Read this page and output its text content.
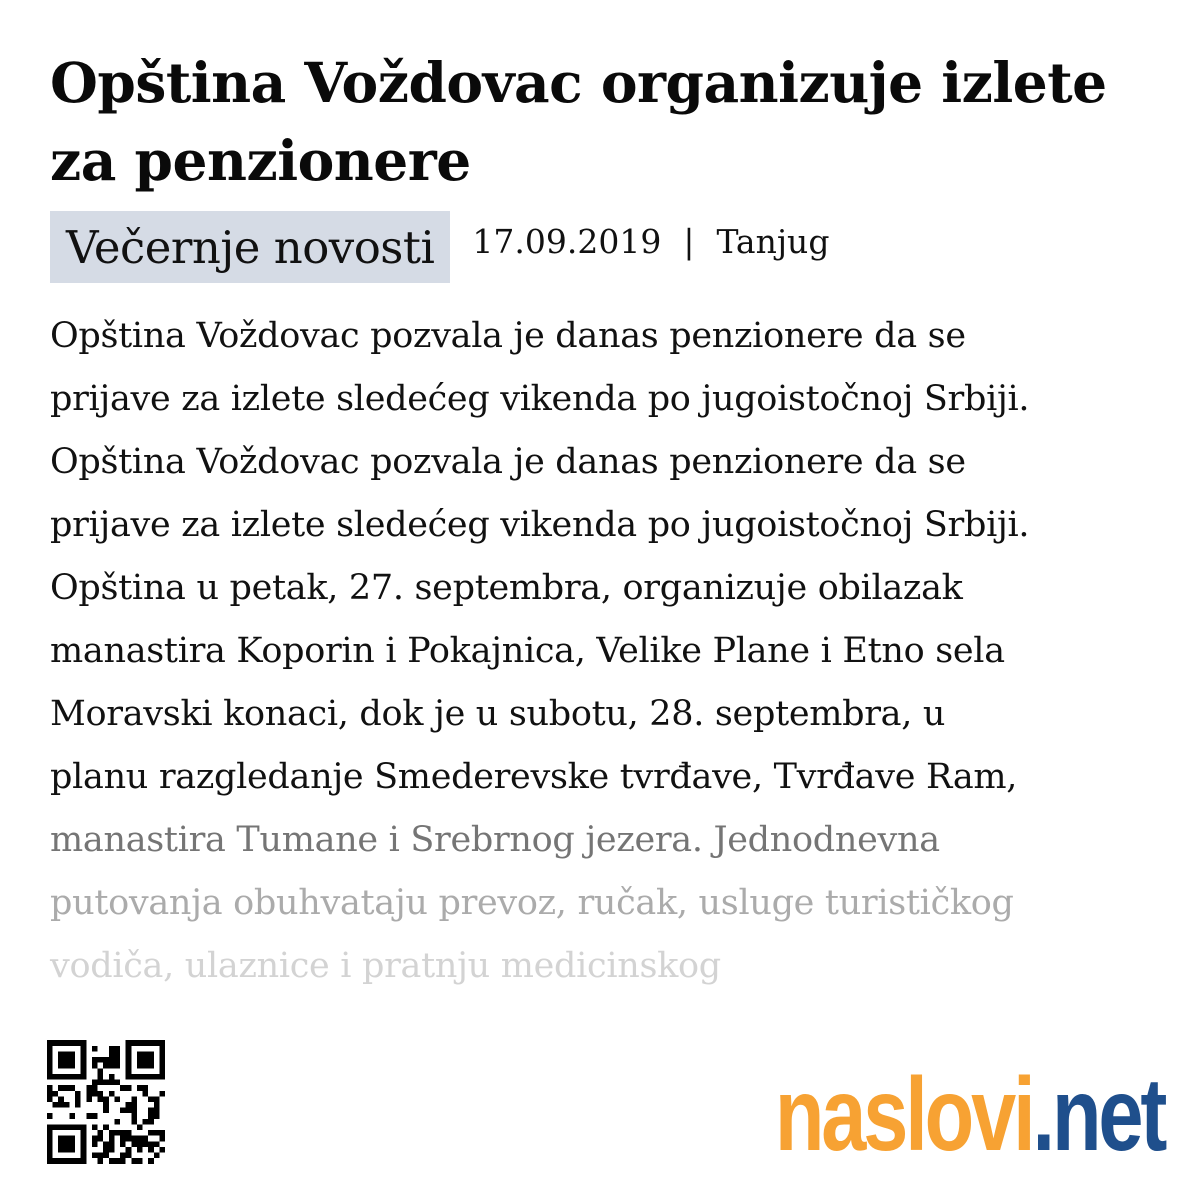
Opština Voždovac organizuje izlete za penzionere
Večernje novosti	17.09.2019 | Tanjug
Opština Voždovac pozvala je danas penzionere da se
prijave za izlete sledećeg vikenda po jugoistočnoj Srbiji.
Opština Voždovac pozvala je danas penzionere da se
prijave za izlete sledećeg vikenda po jugoistočnoj Srbiji.
Opština u petak, 27. septembra, organizuje obilazak
manastira Koporin i Pokajnica, Velike Plane i Etno sela
Moravski konaci, dok je u subotu, 28. septembra, u
planu razgledanje Smederevske tvrđave, Tvrđave Ram,
manastira Tumane i Srebrnog jezera. Jednodnevna
putovanja obuhvataju prevoz, ručak, usluge turističkog
vodiča, ulaznice i pratnju medicinskog
naslovi.net
